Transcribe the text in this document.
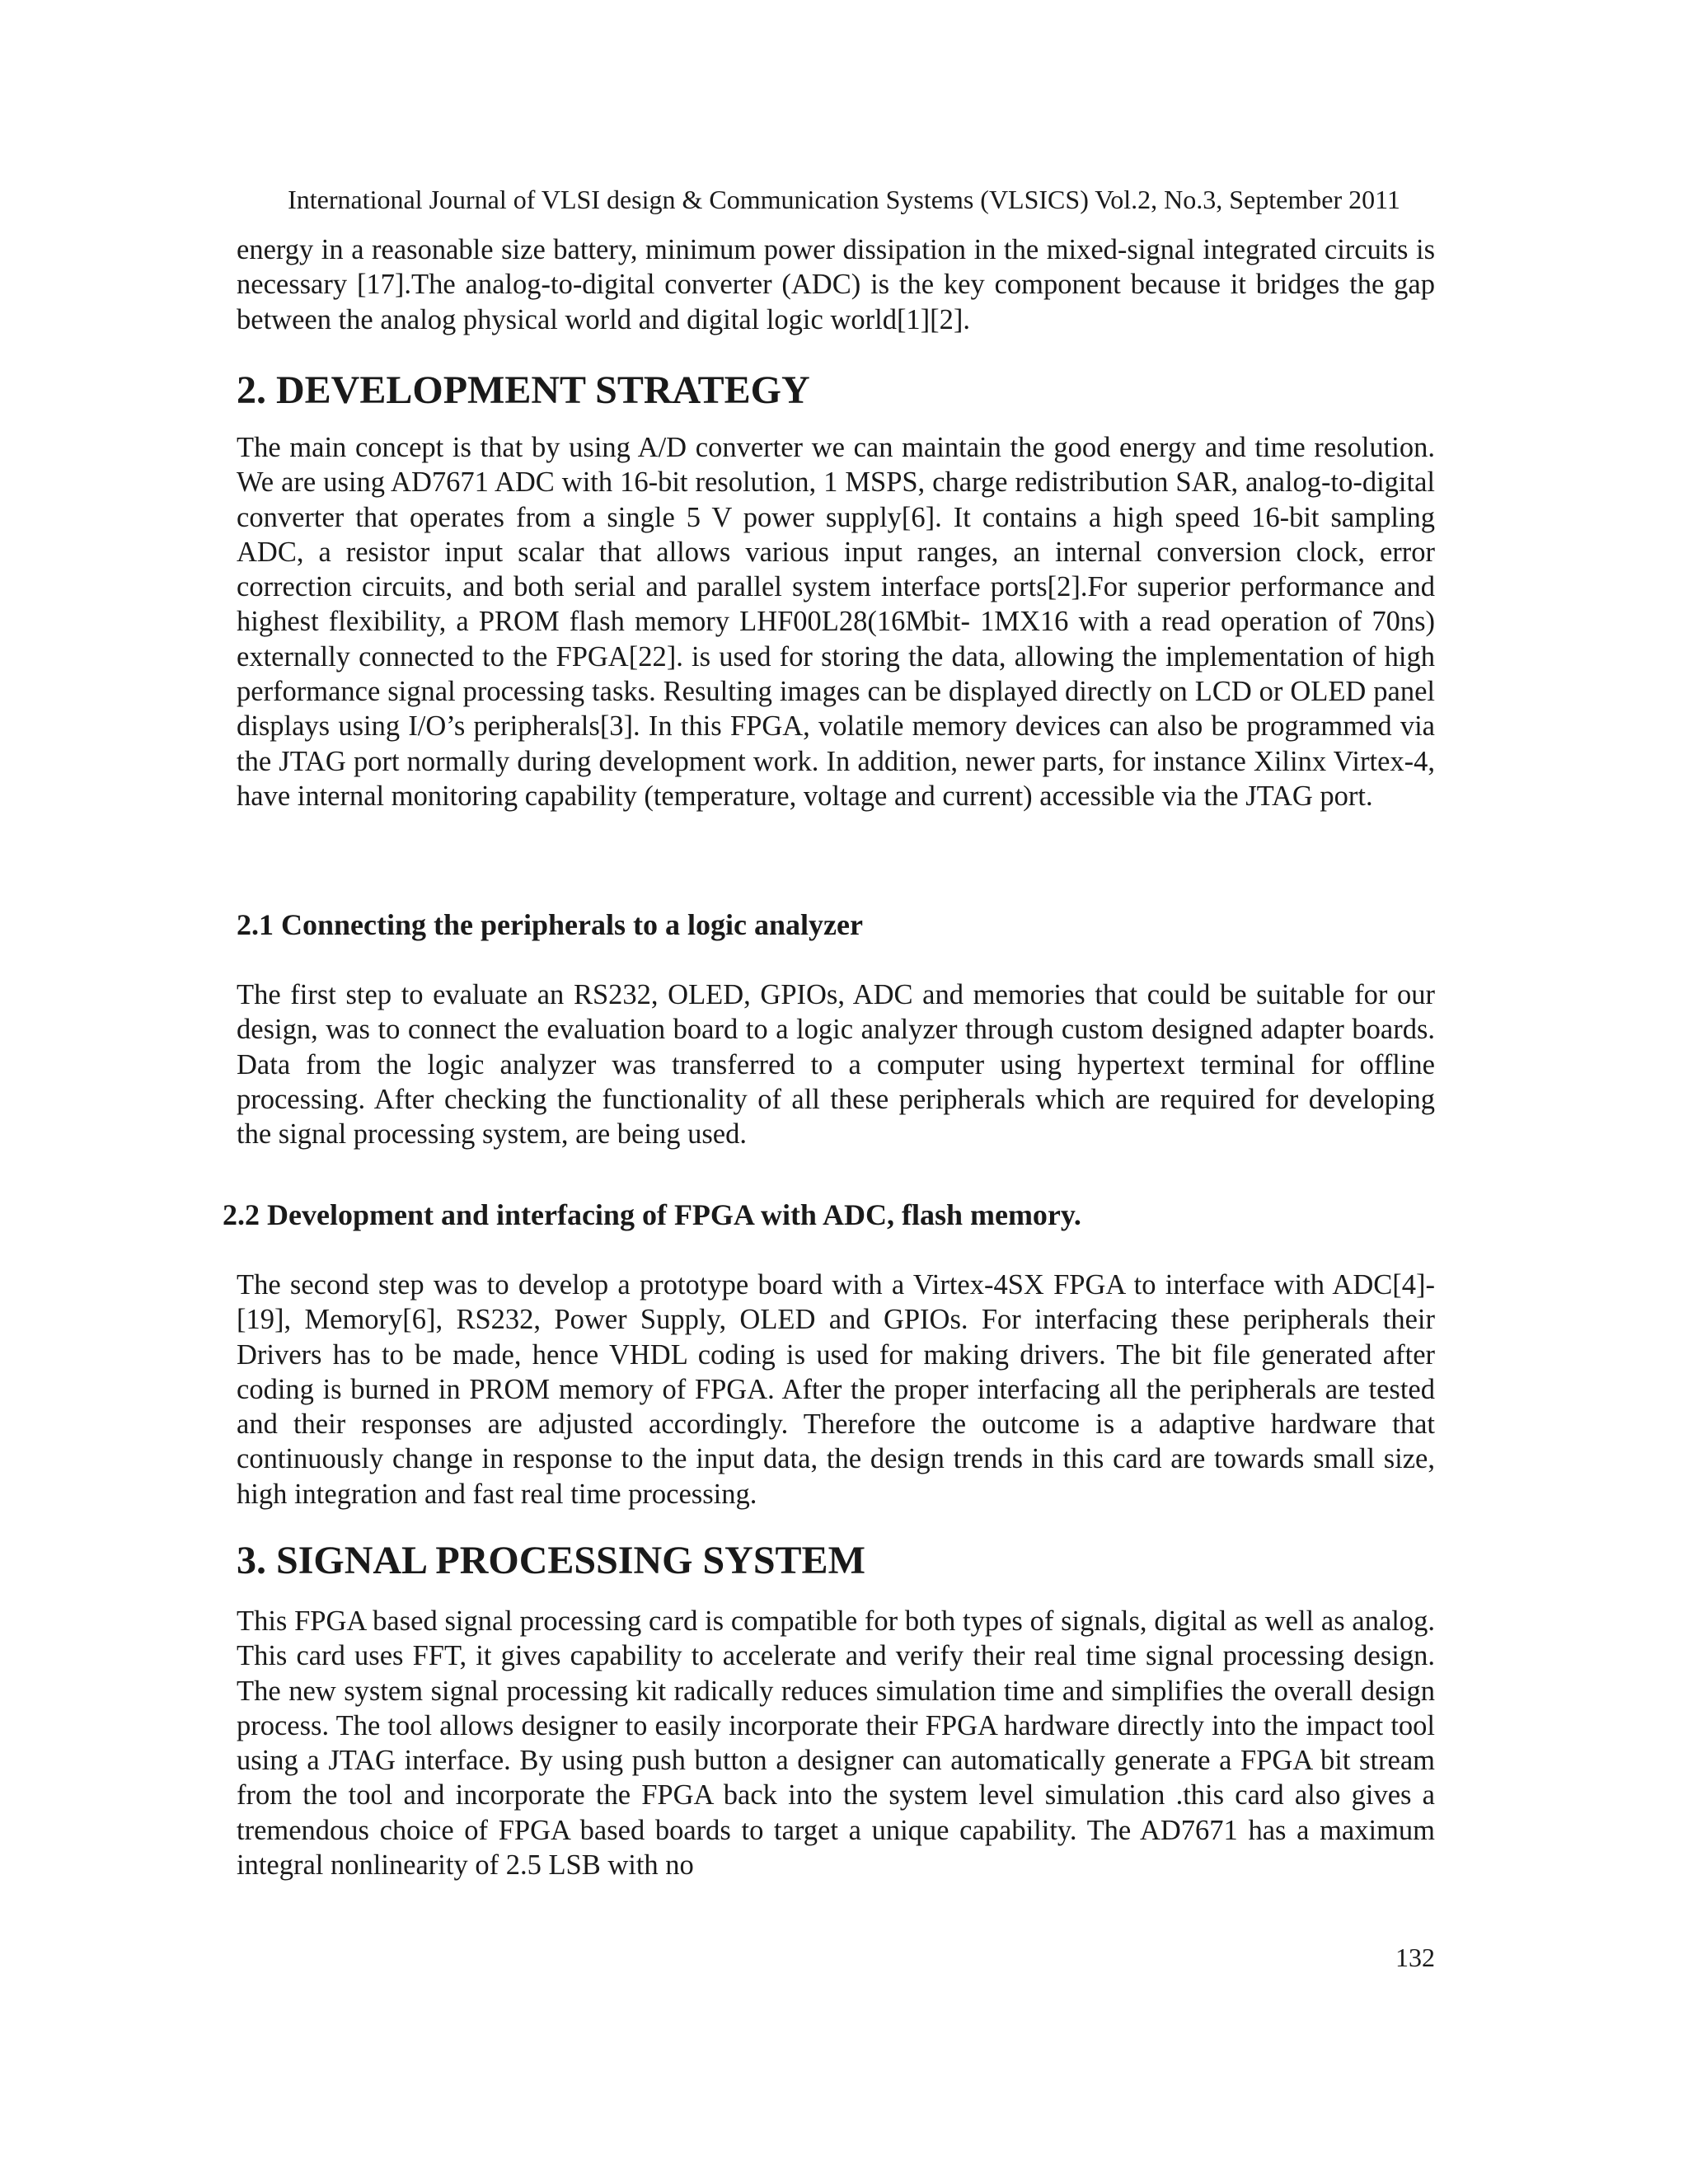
International Journal of VLSI design & Communication Systems (VLSICS) Vol.2, No.3, September 2011

energy in a reasonable size battery, minimum power dissipation in the mixed-signal integrated circuits is necessary [17].The analog-to-digital converter (ADC) is the key component because it bridges the gap between the analog physical world and digital logic world[1][2].

2. DEVELOPMENT STRATEGY

The main concept is that by using A/D converter we can maintain the good energy and time resolution. We are using AD7671 ADC with 16-bit resolution, 1 MSPS, charge redistribution SAR, analog-to-digital converter that operates from a single 5 V power supply[6]. It contains a high speed 16-bit sampling ADC, a resistor input scalar that allows various input ranges, an internal conversion clock, error correction circuits, and both serial and parallel system interface ports[2].For superior performance and highest flexibility, a PROM flash memory LHF00L28(16Mbit- 1MX16 with a read operation of 70ns) externally connected to the FPGA[22]. is used for storing the data, allowing the implementation of high performance signal processing tasks. Resulting images can be displayed directly on LCD or OLED panel displays using I/O’s peripherals[3]. In this FPGA, volatile memory devices can also be programmed via the JTAG port normally during development work. In addition, newer parts, for instance Xilinx Virtex-4, have internal monitoring capability (temperature, voltage and current) accessible via the JTAG port.

2.1 Connecting the peripherals to a logic analyzer

The first step to evaluate an RS232, OLED, GPIOs, ADC and memories that could be suitable for our design, was to connect the evaluation board to a logic analyzer through custom designed adapter boards. Data from the logic analyzer was transferred to a computer using hypertext terminal for offline processing. After checking the functionality of all these peripherals which are required for developing the signal processing system, are being used.

2.2 Development and interfacing of FPGA with ADC, flash memory.

The second step was to develop a prototype board with a Virtex-4SX FPGA to interface with ADC[4]- [19], Memory[6], RS232, Power Supply, OLED and GPIOs. For interfacing these peripherals their Drivers has to be made, hence VHDL coding is used for making drivers. The bit file generated after coding is burned in PROM memory of FPGA. After the proper interfacing all the peripherals are tested and their responses are adjusted accordingly. Therefore the outcome is a adaptive hardware that continuously change in response to the input data, the design trends in this card are towards small size, high integration and fast real time processing.

3. SIGNAL PROCESSING SYSTEM

This FPGA based signal processing card is compatible for both types of signals, digital as well as analog. This card uses FFT, it gives capability to accelerate and verify their real time signal processing design. The new system signal processing kit radically reduces simulation time and simplifies the overall design process. The tool allows designer to easily incorporate their FPGA hardware directly into the impact tool using a JTAG interface. By using push button a designer can automatically generate a FPGA bit stream from the tool and incorporate the FPGA back into the system level simulation .this card also gives a tremendous choice of FPGA based boards to target a unique capability. The AD7671 has a maximum integral nonlinearity of 2.5 LSB with no

132
